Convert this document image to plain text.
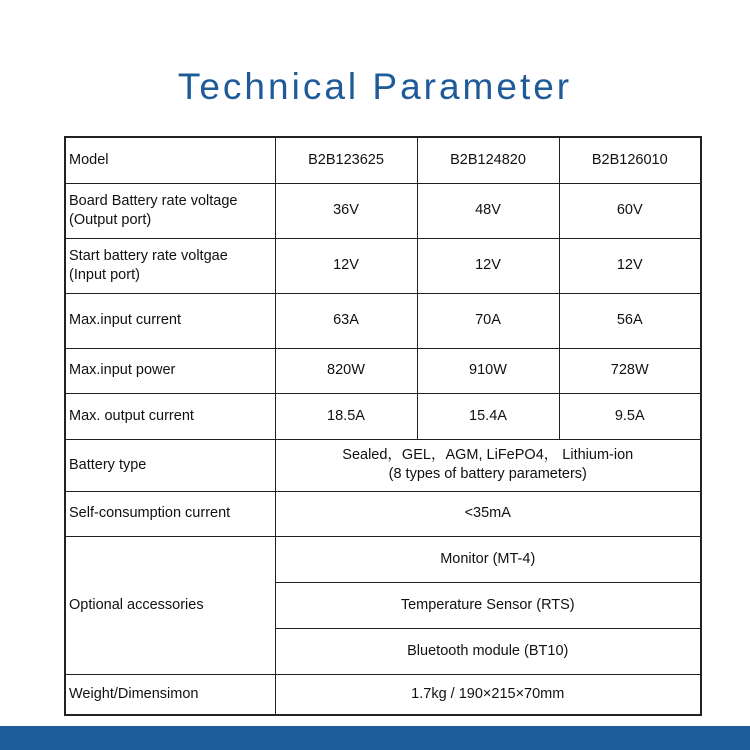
Technical Parameter
Model	B2B123625	B2B124820	B2B126010
Board Battery rate voltage
(Output port)	36V	48V	60V
Start battery rate voltgae
(Input port)	12V	12V	12V
Max.input current	63A	70A	56A
Max.input power	820W	910W	728W
Max. output current	18.5A	15.4A	9.5A
Battery type	Sealed，GEL，AGM, LiFePO4， Lithium-ion
(8 types of battery parameters)		
Self-consumption current	<35mA		
Optional accessories	Monitor (MT-4)		
	Temperature Sensor (RTS)		
	Bluetooth module (BT10)		
Weight/Dimensimon	1.7kg / 190×215×70mm		
